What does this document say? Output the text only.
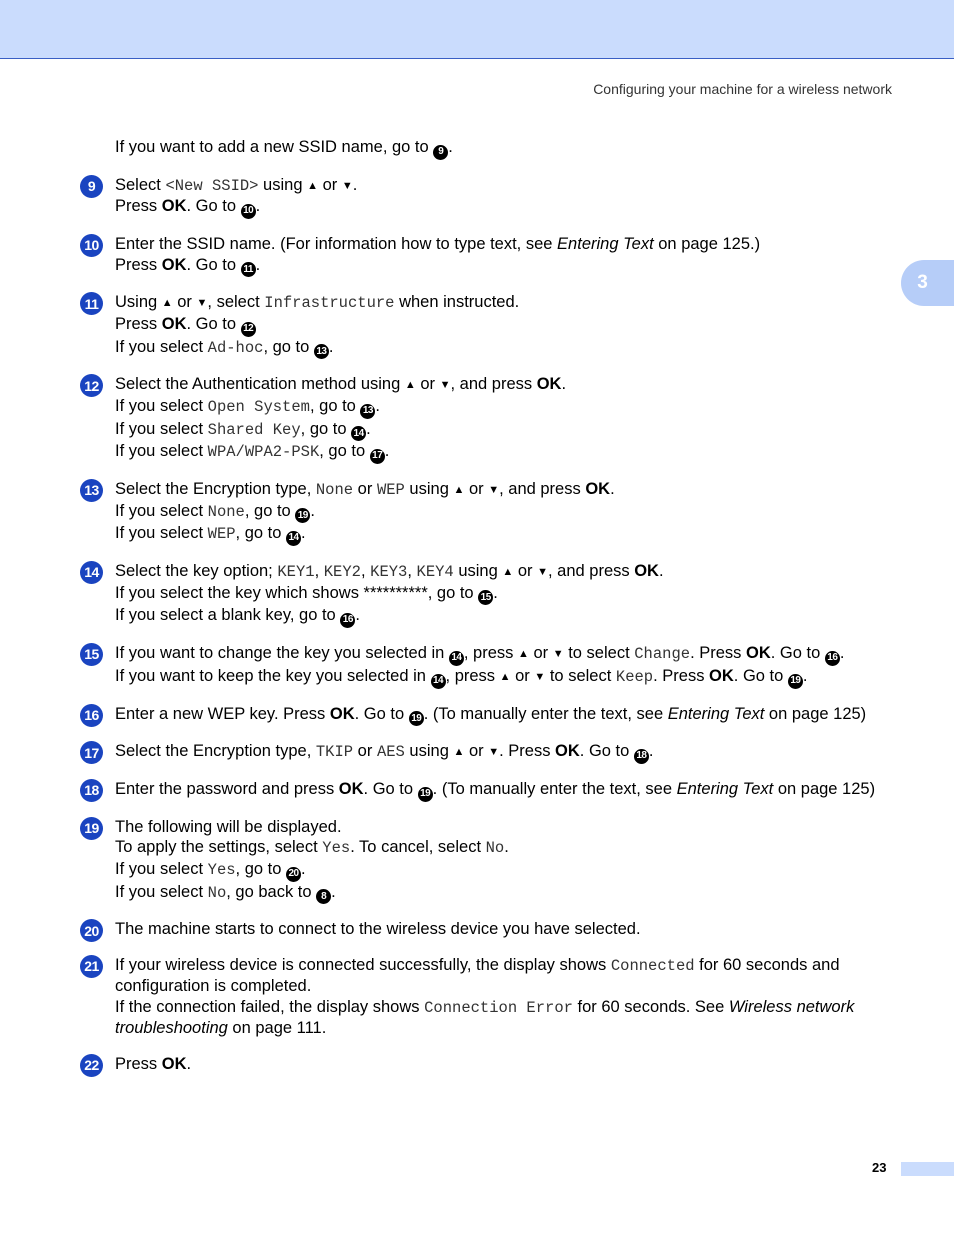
Configuring your machine for a wireless network
3
If you want to add a new SSID name, go to 9 .
9	Select <New SSID> using ▲ or ▼.
Press OK. Go to 10 .
10 Enter the SSID name. (For information how to type text, see Entering Text on page 125.)
Press OK. Go to 11 .
11 Using ▲ or ▼, select Infrastructure when instructed.
Press OK. Go to 12
If you select Ad-hoc, go to 13 .
12 Select the Authentication method using ▲ or ▼, and press OK.
If you select Open System, go to 13 .
If you select Shared Key, go to 14 .
If you select WPA/WPA2-PSK, go to 17 .
13 Select the Encryption type, None or WEP using ▲ or ▼, and press OK.
If you select None, go to 19 .
If you select WEP, go to 14 .
14 Select the key option; KEY1, KEY2, KEY3, KEY4 using ▲ or ▼, and press OK.
If you select the key which shows **********, go to 15 .
If you select a blank key, go to 16 .
15 If you want to change the key you selected in 14 , press ▲ or ▼ to select Change. Press OK. Go to 16 .
If you want to keep the key you selected in 14 , press ▲ or ▼ to select Keep. Press OK. Go to 19 .
16 Enter a new WEP key. Press OK. Go to 19 . (To manually enter the text, see Entering Text on page 125)
17 Select the Encryption type, TKIP or AES using ▲ or ▼. Press OK. Go to 18 .
18 Enter the password and press OK. Go to 19 . (To manually enter the text, see Entering Text on page 125)
19 The following will be displayed.
To apply the settings, select Yes. To cancel, select No.
If you select Yes, go to 20 .
If you select No, go back to 8 .
20 The machine starts to connect to the wireless device you have selected.
21 If your wireless device is connected successfully, the display shows Connected for 60 seconds and configuration is completed.
If the connection failed, the display shows Connection Error for 60 seconds. See Wireless network troubleshooting on page 111.
22 Press OK.
23
